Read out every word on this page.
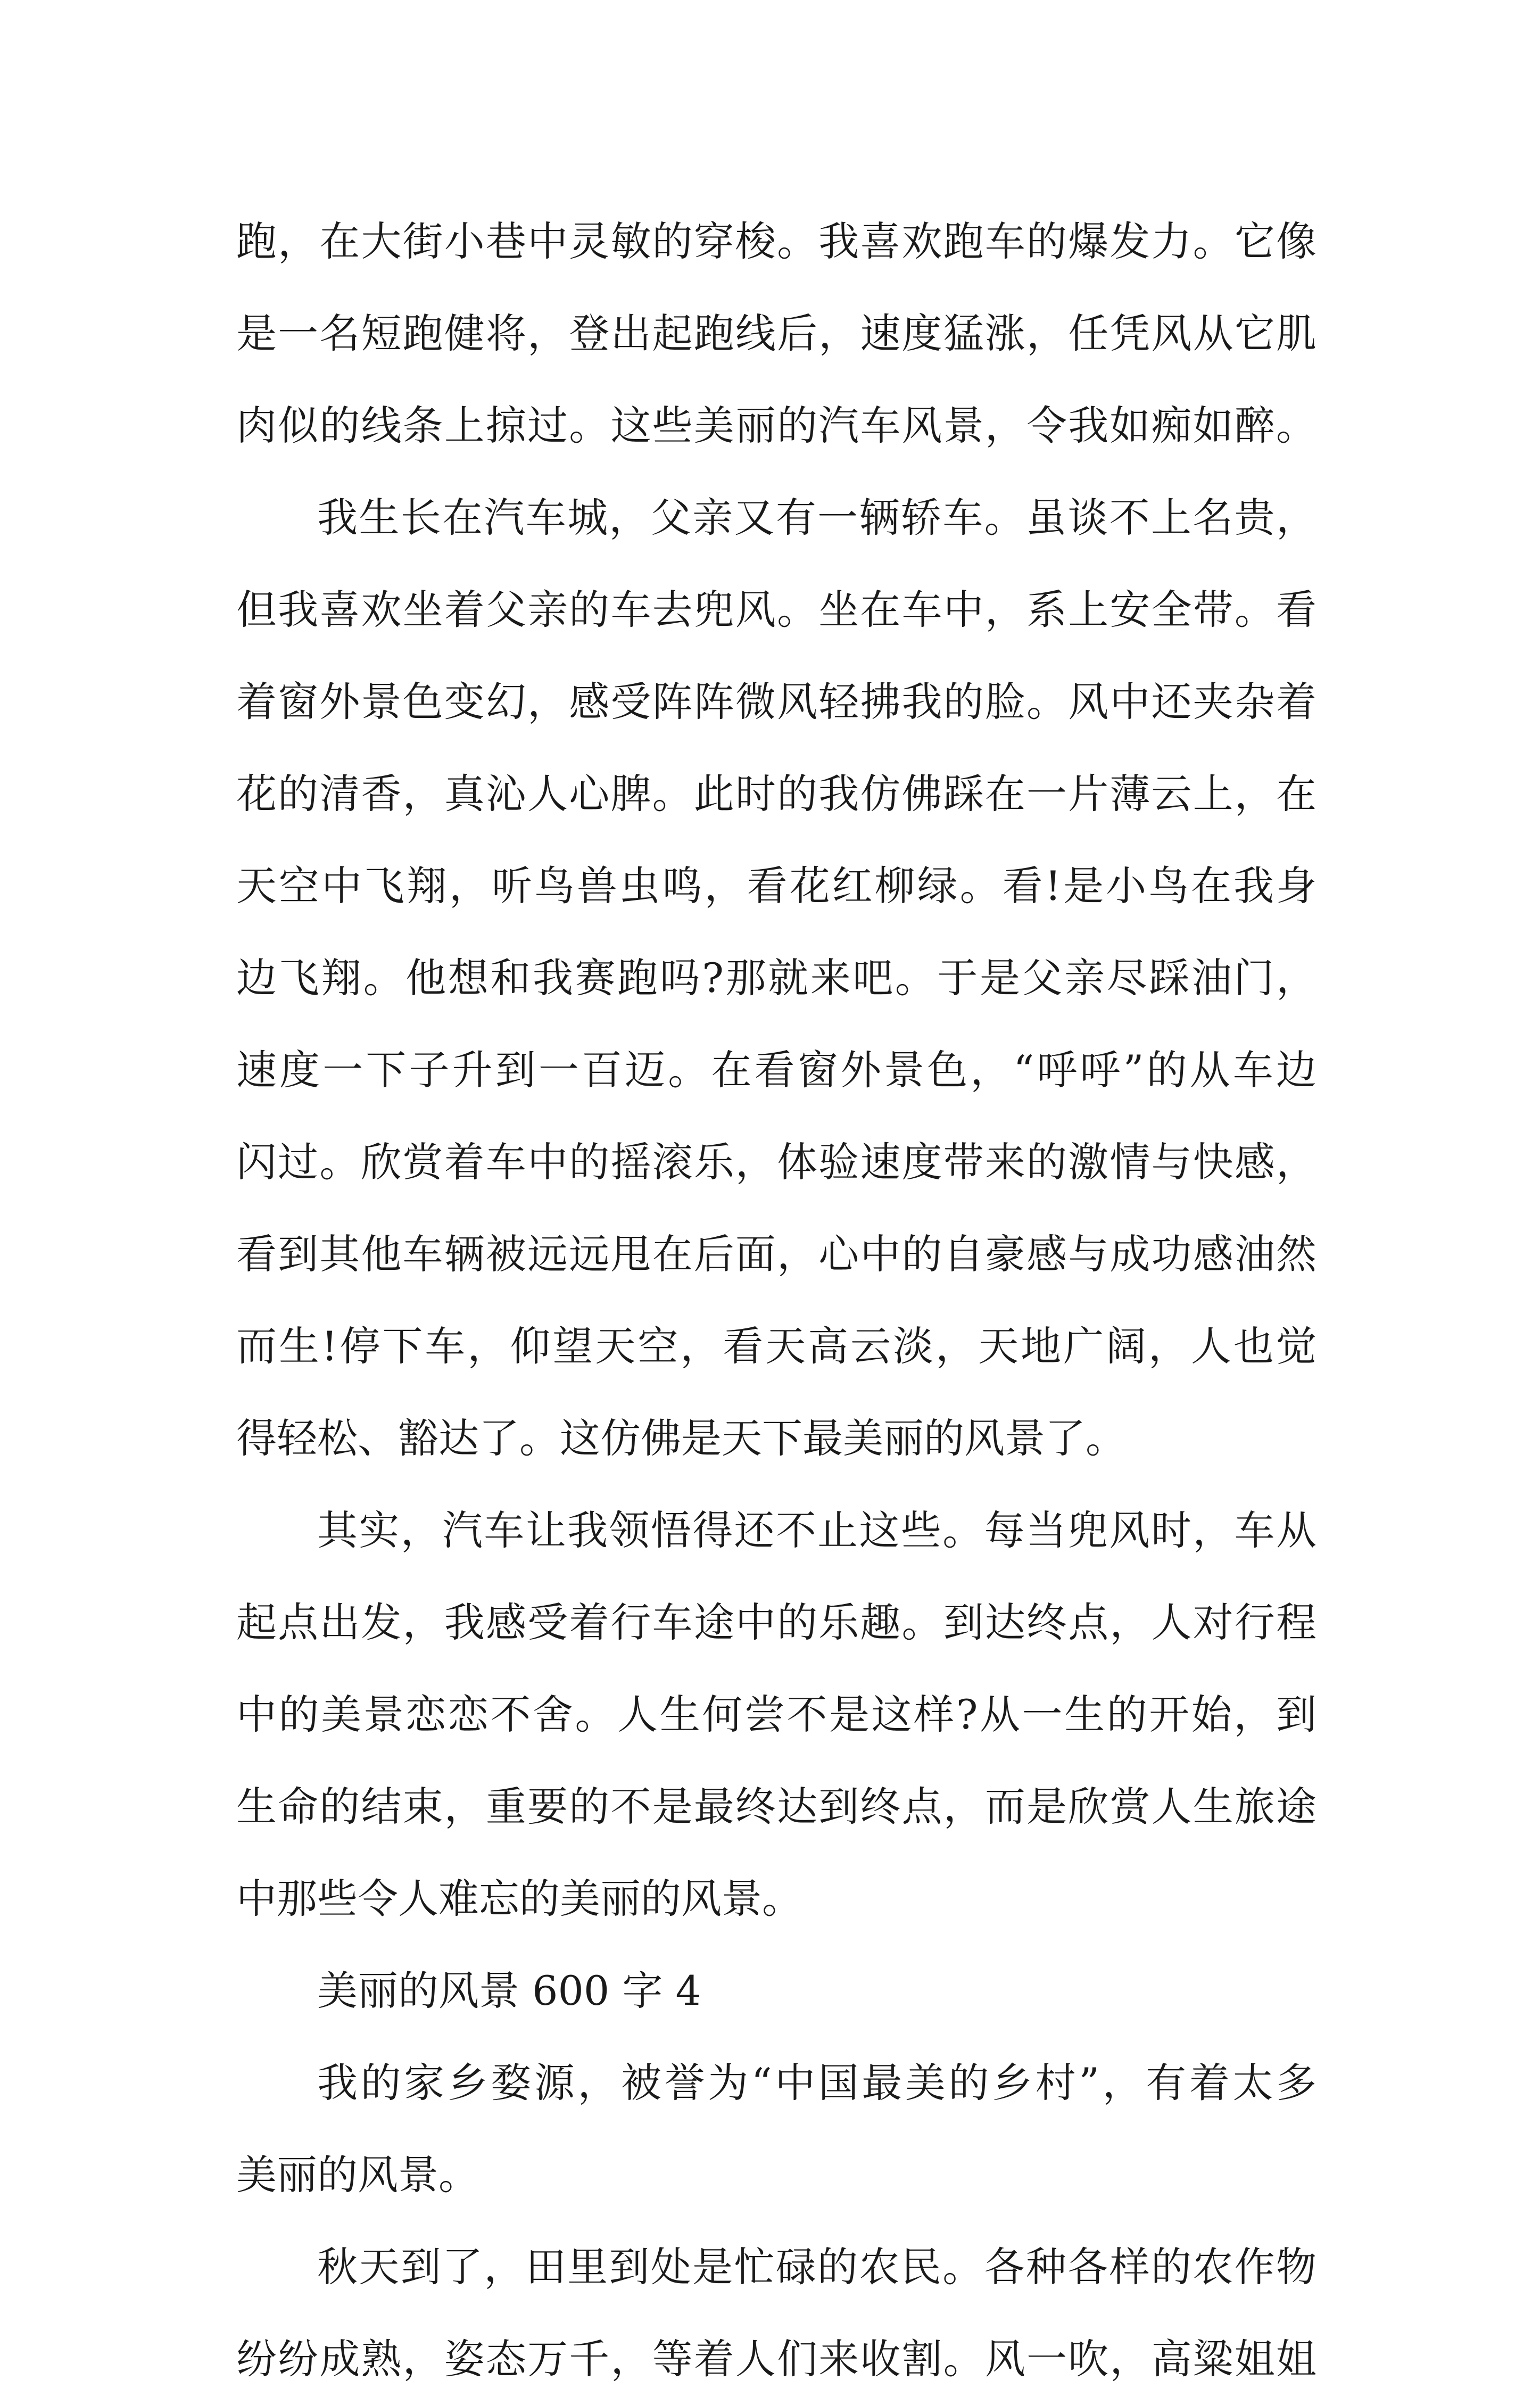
跑，在大街小巷中灵敏的穿梭。我喜欢跑车的爆发力。它像
是一名短跑健将，登出起跑线后，速度猛涨，任凭风从它肌
肉似的线条上掠过。这些美丽的汽车风景，令我如痴如醉。
我生长在汽车城，父亲又有一辆轿车。虽谈不上名贵，
但我喜欢坐着父亲的车去兜风。坐在车中，系上安全带。看
着窗外景色变幻，感受阵阵微风轻拂我的脸。风中还夹杂着
花的清香，真沁人心脾。此时的我仿佛踩在一片薄云上，在
天空中飞翔，听鸟兽虫鸣，看花红柳绿。看!是小鸟在我身
边飞翔。他想和我赛跑吗?那就来吧。于是父亲尽踩油门，
速度一下子升到一百迈。在看窗外景色，“呼呼”的从车边
闪过。欣赏着车中的摇滚乐，体验速度带来的激情与快感，
看到其他车辆被远远甩在后面，心中的自豪感与成功感油然
而生!停下车，仰望天空，看天高云淡，天地广阔，人也觉
得轻松、豁达了。这仿佛是天下最美丽的风景了。
其实，汽车让我领悟得还不止这些。每当兜风时，车从
起点出发，我感受着行车途中的乐趣。到达终点，人对行程
中的美景恋恋不舍。人生何尝不是这样?从一生的开始，到
生命的结束，重要的不是最终达到终点，而是欣赏人生旅途
中那些令人难忘的美丽的风景。
美丽的风景 600 字 4
我的家乡婺源，被誉为“中国最美的乡村”，有着太多
美丽的风景。
秋天到了，田里到处是忙碌的农民。各种各样的农作物
纷纷成熟，姿态万千，等着人们来收割。风一吹，高粱姐姐
